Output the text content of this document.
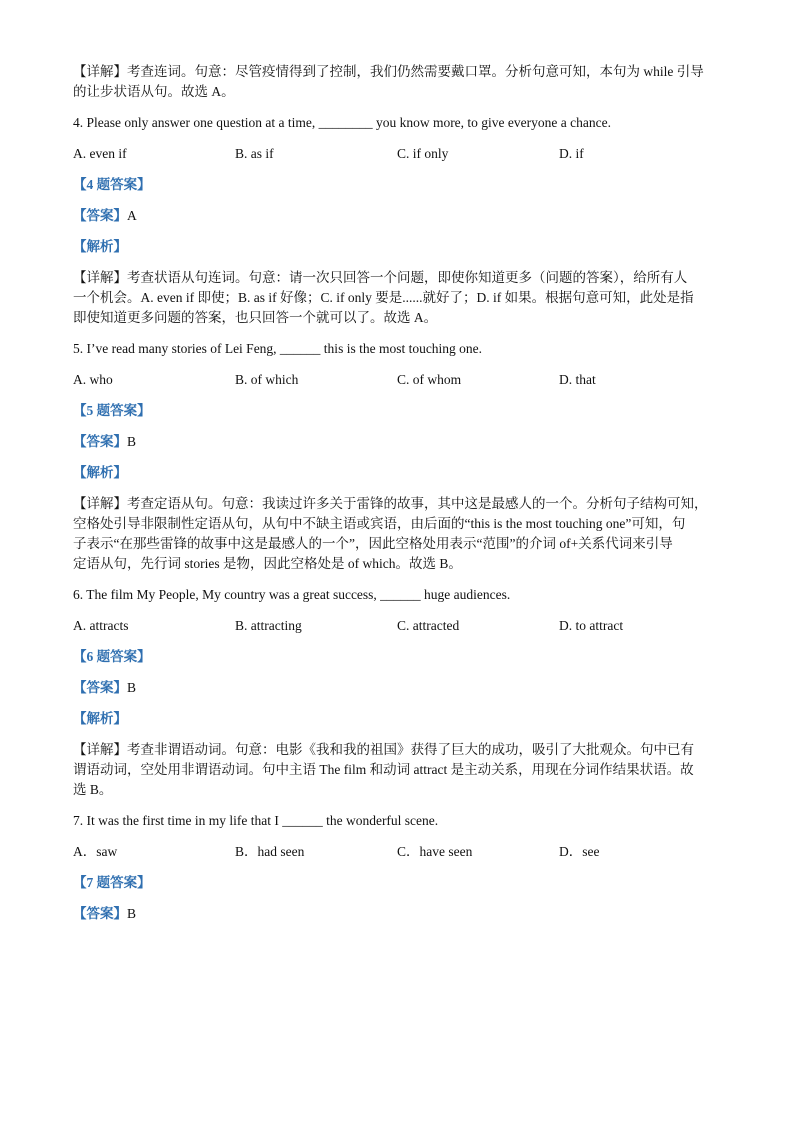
【详解】考查连词。句意：尽管疫情得到了控制，我们仍然需要戴口罩。分析句意可知，本句为 while 引导
的让步状语从句。故选 A。
4. Please only answer one question at a time, ________ you know more, to give everyone a chance.
A. even if	B. as if	C. if only	D. if
【4 题答案】
【答案】A
【解析】
【详解】考查状语从句连词。句意：请一次只回答一个问题，即使你知道更多（问题的答案），给所有人
一个机会。A. even if 即使；B. as if 好像；C. if only 要是......就好了；D. if 如果。根据句意可知，此处是指
即使知道更多问题的答案，也只回答一个就可以了。故选 A。
5. I’ve read many stories of Lei Feng, ______ this is the most touching one.
A. who	B. of which	C. of whom	D. that
【5 题答案】
【答案】B
【解析】
【详解】考查定语从句。句意：我读过许多关于雷锋的故事，其中这是最感人的一个。分析句子结构可知，
空格处引导非限制性定语从句，从句中不缺主语或宾语，由后面的“this is the most touching one”可知，句
子表示“在那些雷锋的故事中这是最感人的一个”，因此空格处用表示“范围”的介词 of+关系代词来引导
定语从句，先行词 stories 是物，因此空格处是 of which。故选 B。
6. The film My People, My country was a great success, ______ huge audiences.
A. attracts	B. attracting	C. attracted	D. to attract
【6 题答案】
【答案】B
【解析】
【详解】考查非谓语动词。句意：电影《我和我的祖国》获得了巨大的成功，吸引了大批观众。句中已有
谓语动词，空处用非谓语动词。句中主语 The film 和动词 attract 是主动关系，用现在分词作结果状语。故
选 B。
7. It was the first time in my life that I ______ the wonderful scene.
A．saw	B．had seen	C．have seen	D．see
【7 题答案】
【答案】B
